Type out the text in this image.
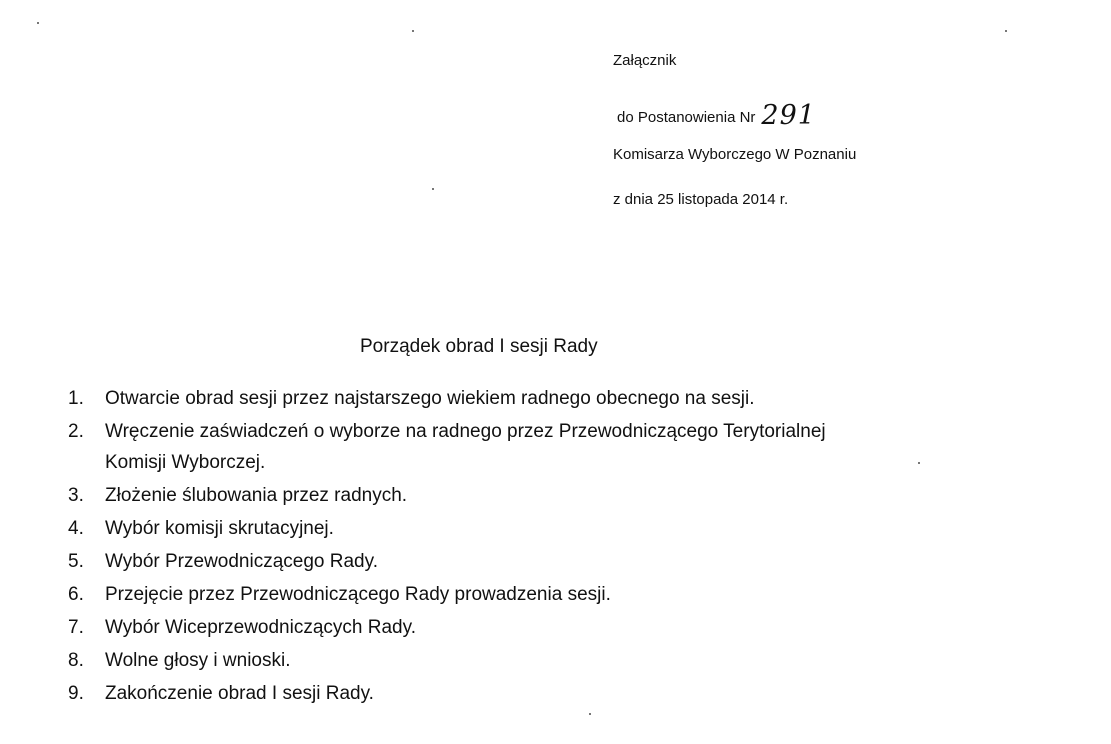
Załącznik
do Postanowienia Nr 291
Komisarza Wyborczego W Poznaniu
z dnia 25 listopada 2014 r.
Porządek obrad I sesji Rady
1. Otwarcie obrad sesji przez najstarszego wiekiem radnego obecnego na sesji.
2. Wręczenie zaświadczeń o wyborze na radnego przez Przewodniczącego Terytorialnej
Komisji Wyborczej.
3. Złożenie ślubowania przez radnych.
4. Wybór komisji skrutacyjnej.
5. Wybór Przewodniczącego Rady.
6. Przejęcie przez Przewodniczącego Rady prowadzenia sesji.
7. Wybór Wiceprzewodniczących Rady.
8. Wolne głosy i wnioski.
9. Zakończenie obrad I sesji Rady.
